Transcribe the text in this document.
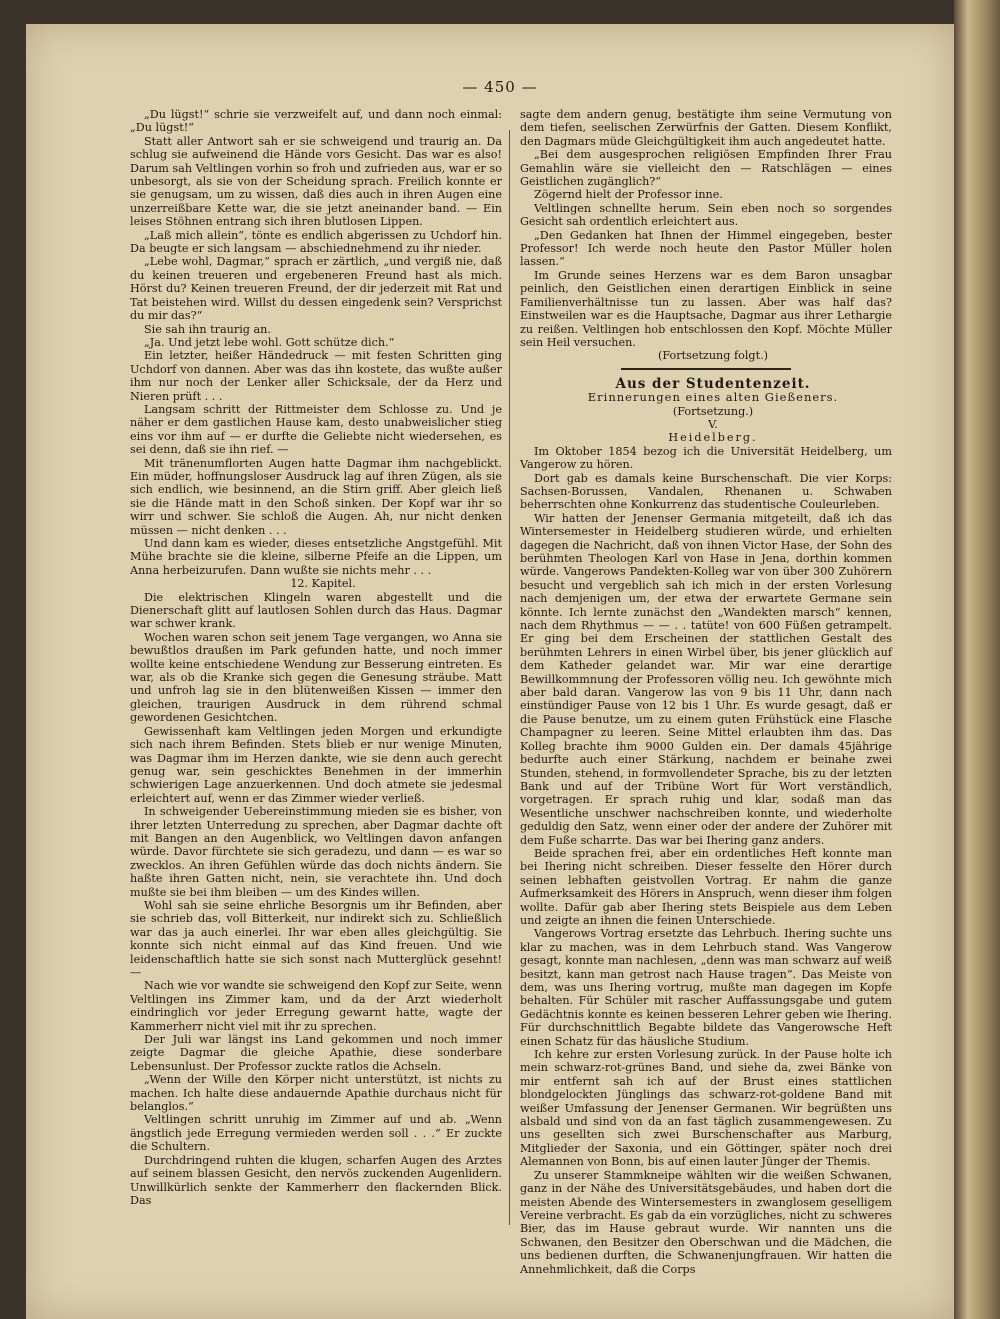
— 450 —

„Du lügst!“ schrie sie verzweifelt auf, und dann noch einmal: „Du lügst!“

Statt aller Antwort sah er sie schweigend und traurig an. Da schlug sie aufweinend die Hände vors Gesicht. Das war es also! Darum sah Veltlingen vorhin so froh und zufrieden aus, war er so unbesorgt, als sie von der Scheidung sprach. Freilich konnte er sie genugsam, um zu wissen, daß dies auch in ihren Augen eine unzerreißbare Kette war, die sie jetzt aneinander band. — Ein leises Stöhnen entrang sich ihren blutlosen Lippen.

„Laß mich allein“, tönte es endlich abgerissen zu Uchdorf hin. Da beugte er sich langsam — abschiednehmend zu ihr nieder.

„Lebe wohl, Dagmar,“ sprach er zärtlich, „und vergiß nie, daß du keinen treueren und ergebeneren Freund hast als mich. Hörst du? Keinen treueren Freund, der dir jederzeit mit Rat und Tat beistehen wird. Willst du dessen eingedenk sein? Versprichst du mir das?“

Sie sah ihn traurig an.

„Ja. Und jetzt lebe wohl. Gott schütze dich.“

Ein letzter, heißer Händedruck — mit festen Schritten ging Uchdorf von dannen. Aber was das ihn kostete, das wußte außer ihm nur noch der Lenker aller Schicksale, der da Herz und Nieren prüft . . .

Langsam schritt der Rittmeister dem Schlosse zu. Und je näher er dem gastlichen Hause kam, desto unabweislicher stieg eins vor ihm auf — er durfte die Geliebte nicht wiedersehen, es sei denn, daß sie ihn rief. —

Mit tränenumflorten Augen hatte Dagmar ihm nachgeblickt. Ein müder, hoffnungsloser Ausdruck lag auf ihren Zügen, als sie sich endlich, wie besinnend, an die Stirn griff. Aber gleich ließ sie die Hände matt in den Schoß sinken. Der Kopf war ihr so wirr und schwer. Sie schloß die Augen. Ah, nur nicht denken müssen — nicht denken . . .

Und dann kam es wieder, dieses entsetzliche Angstgefühl. Mit Mühe brachte sie die kleine, silberne Pfeife an die Lippen, um Anna herbeizurufen. Dann wußte sie nichts mehr . . .

12. Kapitel.

Die elektrischen Klingeln waren abgestellt und die Dienerschaft glitt auf lautlosen Sohlen durch das Haus. Dagmar war schwer krank.

Wochen waren schon seit jenem Tage vergangen, wo Anna sie bewußtlos draußen im Park gefunden hatte, und noch immer wollte keine entschiedene Wendung zur Besserung eintreten. Es war, als ob die Kranke sich gegen die Genesung sträube. Matt und unfroh lag sie in den blütenweißen Kissen — immer den gleichen, traurigen Ausdruck in dem rührend schmal gewordenen Gesichtchen.

Gewissenhaft kam Veltlingen jeden Morgen und erkundigte sich nach ihrem Befinden. Stets blieb er nur wenige Minuten, was Dagmar ihm im Herzen dankte, wie sie denn auch gerecht genug war, sein geschicktes Benehmen in der immerhin schwierigen Lage anzuerkennen. Und doch atmete sie jedesmal erleichtert auf, wenn er das Zimmer wieder verließ.

In schweigender Uebereinstimmung mieden sie es bisher, von ihrer letzten Unterredung zu sprechen, aber Dagmar dachte oft mit Bangen an den Augenblick, wo Veltlingen davon anfangen würde. Davor fürchtete sie sich geradezu, und dann — es war so zwecklos. An ihren Gefühlen würde das doch nichts ändern. Sie haßte ihren Gatten nicht, nein, sie verachtete ihn. Und doch mußte sie bei ihm bleiben — um des Kindes willen.

Wohl sah sie seine ehrliche Besorgnis um ihr Befinden, aber sie schrieb das, voll Bitterkeit, nur indirekt sich zu. Schließlich war das ja auch einerlei. Ihr war eben alles gleichgültig. Sie konnte sich nicht einmal auf das Kind freuen. Und wie leidenschaftlich hatte sie sich sonst nach Mutterglück gesehnt! —

Nach wie vor wandte sie schweigend den Kopf zur Seite, wenn Veltlingen ins Zimmer kam, und da der Arzt wiederholt eindringlich vor jeder Erregung gewarnt hatte, wagte der Kammerherr nicht viel mit ihr zu sprechen.

Der Juli war längst ins Land gekommen und noch immer zeigte Dagmar die gleiche Apathie, diese sonderbare Lebensunlust. Der Professor zuckte ratlos die Achseln.

„Wenn der Wille den Körper nicht unterstützt, ist nichts zu machen. Ich halte diese andauernde Apathie durchaus nicht für belanglos.“

Veltlingen schritt unruhig im Zimmer auf und ab. „Wenn ängstlich jede Erregung vermieden werden soll . . .“ Er zuckte die Schultern.

Durchdringend ruhten die klugen, scharfen Augen des Arztes auf seinem blassen Gesicht, den nervös zuckenden Augenlidern. Unwillkürlich senkte der Kammerherr den flackernden Blick. Das

sagte dem andern genug, bestätigte ihm seine Vermutung von dem tiefen, seelischen Zerwürfnis der Gatten. Diesem Konflikt, den Dagmars müde Gleichgültigkeit ihm auch angedeutet hatte.

„Bei dem ausgesprochen religiösen Empfinden Ihrer Frau Gemahlin wäre sie vielleicht den — Ratschlägen — eines Geistlichen zugänglich?“

Zögernd hielt der Professor inne.

Veltlingen schnellte herum. Sein eben noch so sorgendes Gesicht sah ordentlich erleichtert aus.

„Den Gedanken hat Ihnen der Himmel eingegeben, bester Professor! Ich werde noch heute den Pastor Müller holen lassen.“

Im Grunde seines Herzens war es dem Baron unsagbar peinlich, den Geistlichen einen derartigen Einblick in seine Familienverhältnisse tun zu lassen. Aber was half das? Einstweilen war es die Hauptsache, Dagmar aus ihrer Lethargie zu reißen. Veltlingen hob entschlossen den Kopf. Möchte Müller sein Heil versuchen.

(Fortsetzung folgt.)

Aus der Studentenzeit.

Erinnerungen eines alten Gießeners.

(Fortsetzung.)

V.

Heidelberg.

Im Oktober 1854 bezog ich die Universität Heidelberg, um Vangerow zu hören.

Dort gab es damals keine Burschenschaft. Die vier Korps: Sachsen-Borussen, Vandalen, Rhenanen u. Schwaben beherrschten ohne Konkurrenz das studentische Couleurleben.

Wir hatten der Jenenser Germania mitgeteilt, daß ich das Wintersemester in Heidelberg studieren würde, und erhielten dagegen die Nachricht, daß von ihnen Victor Hase, der Sohn des berühmten Theologen Karl von Hase in Jena, dorthin kommen würde. Vangerows Pandekten-Kolleg war von über 300 Zuhörern besucht und vergeblich sah ich mich in der ersten Vorlesung nach demjenigen um, der etwa der erwartete Germane sein könnte. Ich lernte zunächst den „Wandekten marsch“ kennen, nach dem Rhythmus — — . . tatüte! von 600 Füßen getrampelt. Er ging bei dem Erscheinen der stattlichen Gestalt des berühmten Lehrers in einen Wirbel über, bis jener glücklich auf dem Katheder gelandet war. Mir war eine derartige Bewillkommnung der Professoren völlig neu. Ich gewöhnte mich aber bald daran. Vangerow las von 9 bis 11 Uhr, dann nach einstündiger Pause von 12 bis 1 Uhr. Es wurde gesagt, daß er die Pause benutze, um zu einem guten Frühstück eine Flasche Champagner zu leeren. Seine Mittel erlaubten ihm das. Das Kolleg brachte ihm 9000 Gulden ein. Der damals 45jährige bedurfte auch einer Stärkung, nachdem er beinahe zwei Stunden, stehend, in formvollendeter Sprache, bis zu der letzten Bank und auf der Tribüne Wort für Wort verständlich, vorgetragen. Er sprach ruhig und klar, sodaß man das Wesentliche unschwer nachschreiben konnte, und wiederholte geduldig den Satz, wenn einer oder der andere der Zuhörer mit dem Fuße scharrte. Das war bei Ihering ganz anders.

Beide sprachen frei, aber ein ordentliches Heft konnte man bei Ihering nicht schreiben. Dieser fesselte den Hörer durch seinen lebhaften geistvollen Vortrag. Er nahm die ganze Aufmerksamkeit des Hörers in Anspruch, wenn dieser ihm folgen wollte. Dafür gab aber Ihering stets Beispiele aus dem Leben und zeigte an ihnen die feinen Unterschiede.

Vangerows Vortrag ersetzte das Lehrbuch. Ihering suchte uns klar zu machen, was in dem Lehrbuch stand. Was Vangerow gesagt, konnte man nachlesen, „denn was man schwarz auf weiß besitzt, kann man getrost nach Hause tragen“. Das Meiste von dem, was uns Ihering vortrug, mußte man dagegen im Kopfe behalten. Für Schüler mit rascher Auffassungsgabe und gutem Gedächtnis konnte es keinen besseren Lehrer geben wie Ihering. Für durchschnittlich Begabte bildete das Vangerowsche Heft einen Schatz für das häusliche Studium.

Ich kehre zur ersten Vorlesung zurück. In der Pause holte ich mein schwarz-rot-grünes Band, und siehe da, zwei Bänke von mir entfernt sah ich auf der Brust eines stattlichen blondgelockten Jünglings das schwarz-rot-goldene Band mit weißer Umfassung der Jenenser Germanen. Wir begrüßten uns alsbald und sind von da an fast täglich zusammengewesen. Zu uns gesellten sich zwei Burschenschafter aus Marburg, Mitglieder der Saxonia, und ein Göttinger, später noch drei Alemannen von Bonn, bis auf einen lauter Jünger der Themis.

Zu unserer Stammkneipe wählten wir die weißen Schwanen, ganz in der Nähe des Universitätsgebäudes, und haben dort die meisten Abende des Wintersemesters in zwanglosem geselligem Vereine verbracht. Es gab da ein vorzügliches, nicht zu schweres Bier, das im Hause gebraut wurde. Wir nannten uns die Schwanen, den Besitzer den Oberschwan und die Mädchen, die uns bedienen durften, die Schwanenjungfrauen. Wir hatten die Annehmlichkeit, daß die Corps
